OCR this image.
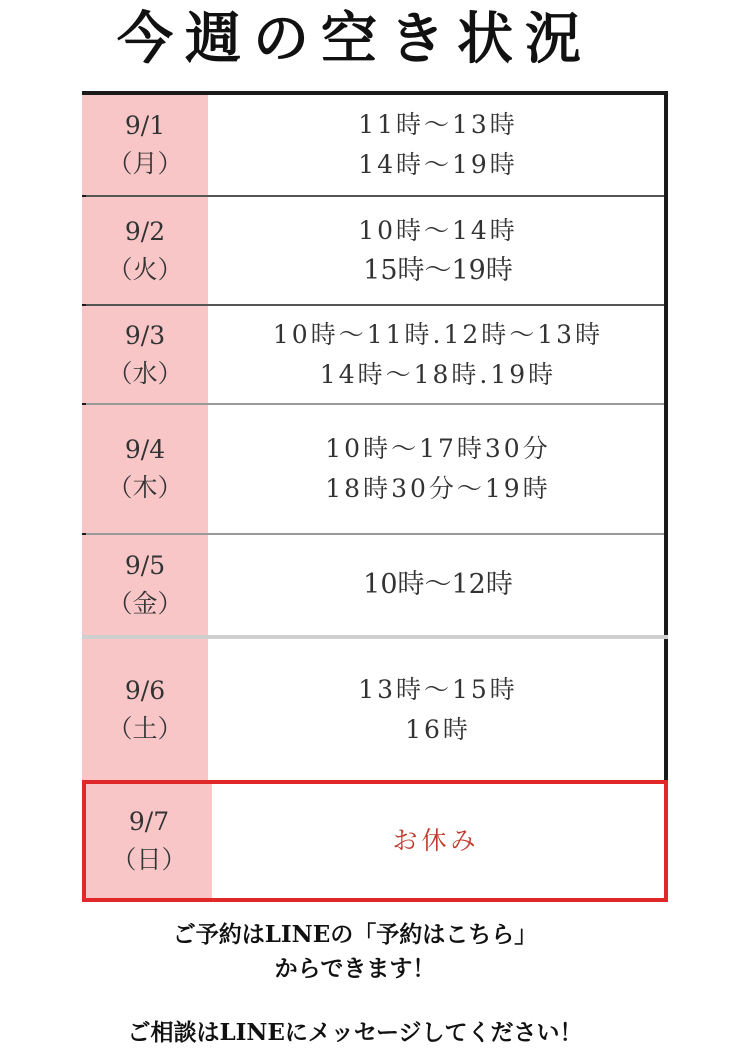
今週の空き状況
9/1
（月）
11時～13時
14時～19時
9/2
（火）
10時～14時
15時～19時
9/3
（水）
10時～11時.12時～13時
14時～18時.19時
9/4
（木）
10時～17時30分
18時30分～19時
9/5
（金）
10時～12時
9/6
（土）
13時～15時
16時
9/7
（日）
お休み
ご予約はLINEの「予約はこちら」
からできます！
ご相談はLINEにメッセージしてください！
